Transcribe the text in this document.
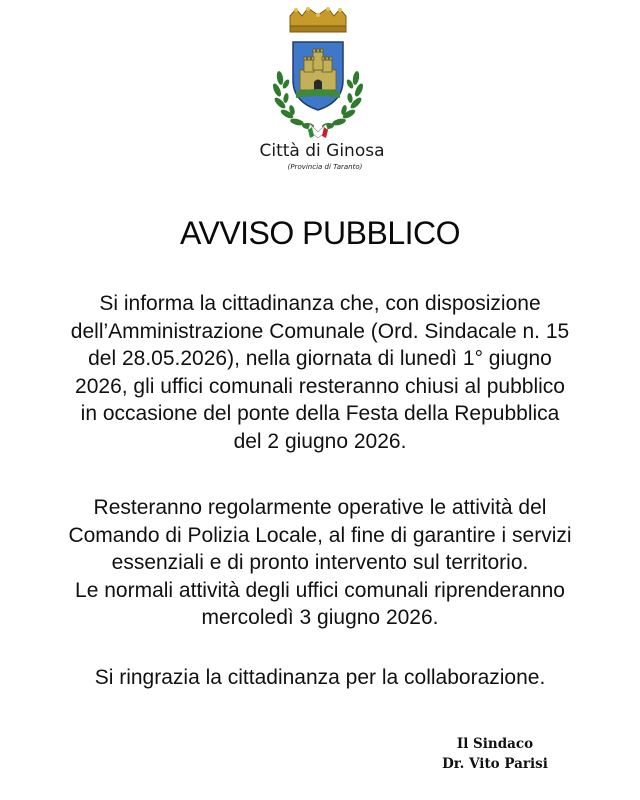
Città di Ginosa
(Provincia di Taranto)
AVVISO PUBBLICO
Si informa la cittadinanza che, con disposizione
dell’Amministrazione Comunale (Ord. Sindacale n. 15
del 28.05.2026), nella giornata di lunedì 1° giugno
2026, gli uffici comunali resteranno chiusi al pubblico
in occasione del ponte della Festa della Repubblica
del 2 giugno 2026.
Resteranno regolarmente operative le attività del
Comando di Polizia Locale, al fine di garantire i servizi
essenziali e di pronto intervento sul territorio.
Le normali attività degli uffici comunali riprenderanno
mercoledì 3 giugno 2026.
Si ringrazia la cittadinanza per la collaborazione.
Il Sindaco
Dr. Vito Parisi
